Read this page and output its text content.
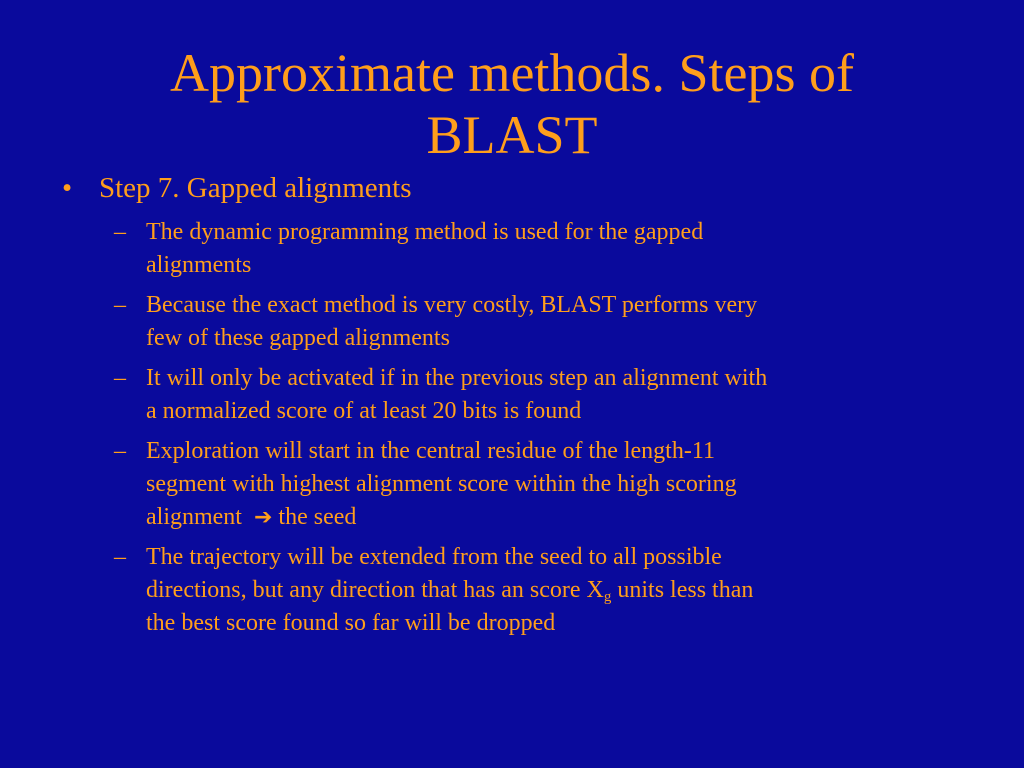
Approximate methods. Steps of
BLAST
• Step 7. Gapped alignments
– The dynamic programming method is used for the gapped
alignments
– Because the exact method is very costly, BLAST performs very
few of these gapped alignments
– It will only be activated if in the previous step an alignment with
a normalized score of at least 20 bits is found
– Exploration will start in the central residue of the length-11
segment with highest alignment score within the high scoring
alignment ➔ the seed
– The trajectory will be extended from the seed to all possible
directions, but any direction that has an score $X_g$ units less than
the best score found so far will be dropped
